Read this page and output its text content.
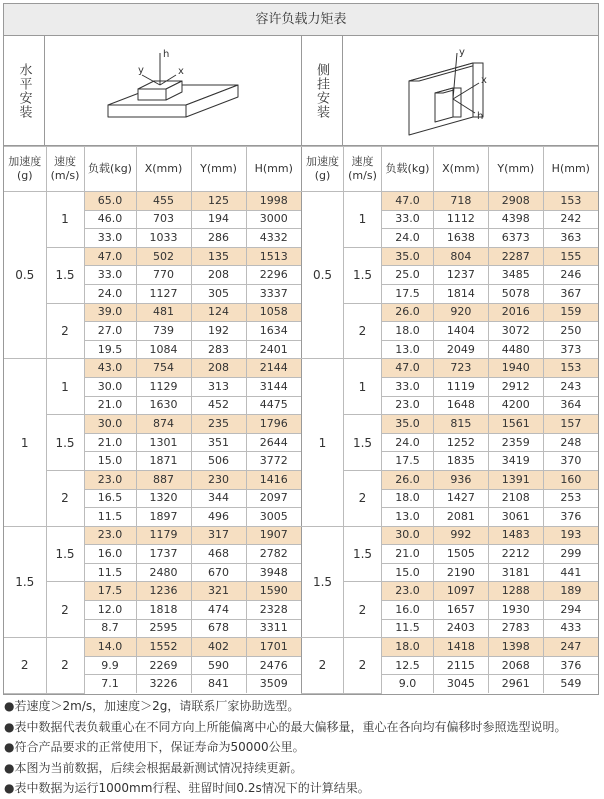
容许负载力矩表
水平安装
h
y	x	侧挂安装
y
x
h
加速度 (g)	速度 (m/s)	负载(kg)	X(mm)	Y(mm)	H(mm)
0.5	1	65.0	455	125	1998
		46.0	703	194	3000
		33.0	1033	286	4332
	1.5	47.0	502	135	1513
		33.0	770	208	2296
		24.0	1127	305	3337
	2	39.0	481	124	1058
		27.0	739	192	1634
		19.5	1084	283	2401
1	1	43.0	754	208	2144
		30.0	1129	313	3144
		21.0	1630	452	4475
	1.5	30.0	874	235	1796
		21.0	1301	351	2644
		15.0	1871	506	3772
	2	23.0	887	230	1416
		16.5	1320	344	2097
		11.5	1897	496	3005
1.5	1.5	23.0	1179	317	1907
		16.0	1737	468	2782
		11.5	2480	670	3948
	2	17.5	1236	321	1590
		12.0	1818	474	2328
		8.7	2595	678	3311
2	2	14.0	1552	402	1701
		9.9	2269	590	2476
		7.1	3226	841	3509
加速度 (g)	速度 (m/s)	负载(kg)	X(mm)	Y(mm)	H(mm)
0.5	1	47.0	718	2908	153
		33.0	1112	4398	242
		24.0	1638	6373	363
	1.5	35.0	804	2287	155
		25.0	1237	3485	246
		17.5	1814	5078	367
	2	26.0	920	2016	159
		18.0	1404	3072	250
		13.0	2049	4480	373
1	1	47.0	723	1940	153
		33.0	1119	2912	243
		23.0	1648	4200	364
	1.5	35.0	815	1561	157
		24.0	1252	2359	248
		17.5	1835	3419	370
	2	26.0	936	1391	160
		18.0	1427	2108	253
		13.0	2081	3061	376
1.5	1.5	30.0	992	1483	193
		21.0	1505	2212	299
		15.0	2190	3181	441
	2	23.0	1097	1288	189
		16.0	1657	1930	294
		11.5	2403	2783	433
2	2	18.0	1418	1398	247
		12.5	2115	2068	376
		9.0	3045	2961	549
●若速度＞2m/s，加速度＞2g，请联系厂家协助选型。
●表中数据代表负载重心在不同方向上所能偏离中心的最大偏移量，重心在各向均有偏移时参照选型说明。
●符合产品要求的正常使用下，保证寿命为50000公里。
●本图为当前数据，后续会根据最新测试情况持续更新。
●表中数据为运行1000mm行程、驻留时间0.2s情况下的计算结果。
